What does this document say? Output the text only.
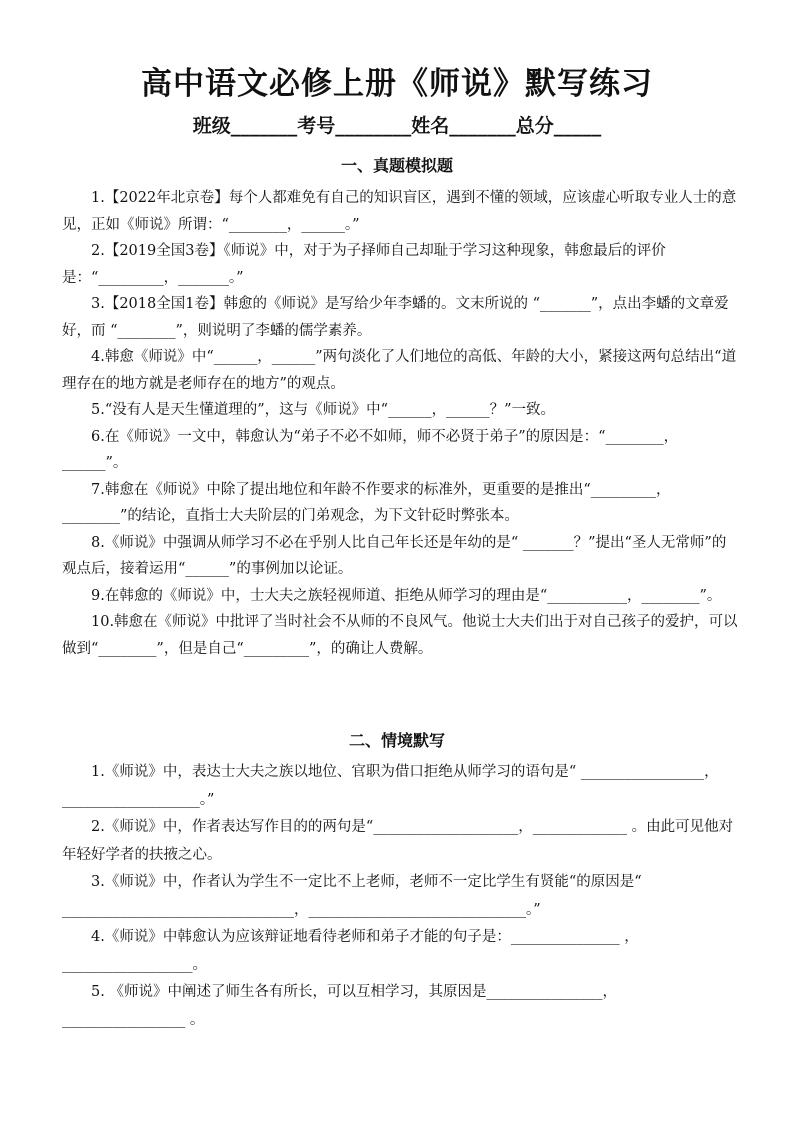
高中语文必修上册《师说》默写练习
班级_______考号________姓名_______总分_____
一、真题模拟题

1.【2022年北京卷】每个人都难免有自己的知识盲区，遇到不懂的领域，应该虚心听取专业人士的意见，正如《师说》所谓：“________，______。”

2.【2019全国3卷】《师说》中，对于为子择师自己却耻于学习这种现象，韩愈最后的评价是：“_________，_______。”

3.【2018全国1卷】韩愈的《师说》是写给少年李蟠的。文末所说的 “_______”，点出李蟠的文章爱好，而 “________”，则说明了李蟠的儒学素养。

4.韩愈《师说》中“______，______”两句淡化了人们地位的高低、年龄的大小，紧接这两句总结出“道理存在的地方就是老师存在的地方”的观点。

5.“没有人是天生懂道理的”，这与《师说》中“______，______？”一致。

6.在《师说》一文中，韩愈认为“弟子不必不如师，师不必贤于弟子”的原因是：“________， ______”。

7.韩愈在《师说》中除了提出地位和年龄不作要求的标准外，更重要的是推出“_________，________”的结论，直指士大夫阶层的门弟观念，为下文针砭时弊张本。

8.《师说》中强调从师学习不必在乎别人比自己年长还是年幼的是“ _______？”提出“圣人无常师”的观点后，接着运用“______”的事例加以论证。

9.在韩愈的《师说》中，士大夫之族轻视师道、拒绝从师学习的理由是“___________，________”。

10.韩愈在《师说》中批评了当时社会不从师的不良风气。他说士大夫们出于对自己孩子的爱护，可以做到“________”，但是自己“_________”，的确让人费解。

二、情境默写

1.《师说》中，表达士大夫之族以地位、官职为借口拒绝从师学习的语句是“ _________________，___________________。”

2.《师说》中，作者表达写作目的的两句是“____________________，_____________ 。由此可见他对年轻好学者的扶掖之心。

3.《师说》中，作者认为学生不一定比不上老师，老师不一定比学生有贤能“的原因是“ ________________________________，______________________________。”

4.《师说》中韩愈认为应该辩证地看待老师和弟子才能的句子是：_______________ ，__________________。

5. 《师说》中阐述了师生各有所长，可以互相学习，其原因是________________，_________________ 。
